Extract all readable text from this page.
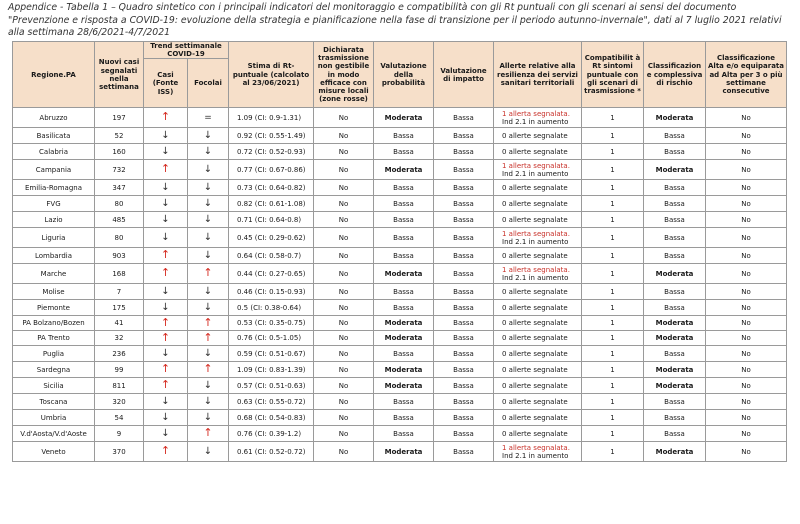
Appendice - Tabella 1 – Quadro sintetico con i principali indicatori del monitoraggio e compatibilità con gli Rt puntuali con gli scenari ai sensi del documento "Prevenzione e risposta a COVID-19: evoluzione della strategia e pianificazione nella fase di transizione per il periodo autunno-invernale", dati al 7 luglio 2021 relativi alla settimana 28/6/2021-4/7/2021
Regione.PA	Nuovi casi segnalati nella settimana	Trend settimanale COVID-19		Stima di Rt-puntuale (calcolato al 23/06/2021)	Dichiarata trasmissione non gestibile in modo efficace con misure locali (zone rosse)	Valutazione della probabilità	Valutazione di impatto	Allerte relative alla resilienza dei servizi sanitari territoriali	Compatibilit à Rt sintomi puntuale con gli scenari di trasmissione *	Classificazion e complessiva di rischio	Classificazione Alta e/o equiparata ad Alta per 3 o più settimane consecutive
		Casi (Fonte ISS)	Focolai								
Abruzzo	197	↑	=	1.09 (CI: 0.9-1.31)	No	Moderata	Bassa	1 allerta segnalata.
Ind 2.1 in aumento	1	Moderata	No
Basilicata	52	↓	↓	0.92 (CI: 0.55-1.49)	No	Bassa	Bassa	0 allerte segnalate	1	Bassa	No
Calabria	160	↓	↓	0.72 (CI: 0.52-0.93)	No	Bassa	Bassa	0 allerte segnalate	1	Bassa	No
Campania	732	↑	↓	0.77 (CI: 0.67-0.86)	No	Moderata	Bassa	1 allerta segnalata.
Ind 2.1 in aumento	1	Moderata	No
Emilia-Romagna	347	↓	↓	0.73 (CI: 0.64-0.82)	No	Bassa	Bassa	0 allerte segnalate	1	Bassa	No
FVG	80	↓	↓	0.82 (CI: 0.61-1.08)	No	Bassa	Bassa	0 allerte segnalate	1	Bassa	No
Lazio	485	↓	↓	0.71 (CI: 0.64-0.8)	No	Bassa	Bassa	0 allerte segnalate	1	Bassa	No
Liguria	80	↓	↓	0.45 (CI: 0.29-0.62)	No	Bassa	Bassa	1 allerta segnalata.
Ind 2.1 in aumento	1	Bassa	No
Lombardia	903	↑	↓	0.64 (CI: 0.58-0.7)	No	Bassa	Bassa	0 allerte segnalate	1	Bassa	No
Marche	168	↑	↑	0.44 (CI: 0.27-0.65)	No	Moderata	Bassa	1 allerta segnalata.
Ind 2.1 in aumento	1	Moderata	No
Molise	7	↓	↓	0.46 (CI: 0.15-0.93)	No	Bassa	Bassa	0 allerte segnalate	1	Bassa	No
Piemonte	175	↓	↓	0.5 (CI: 0.38-0.64)	No	Bassa	Bassa	0 allerte segnalate	1	Bassa	No
PA Bolzano/Bozen	41	↑	↑	0.53 (CI: 0.35-0.75)	No	Moderata	Bassa	0 allerte segnalate	1	Moderata	No
PA Trento	32	↑	↑	0.76 (CI: 0.5-1.05)	No	Moderata	Bassa	0 allerte segnalate	1	Moderata	No
Puglia	236	↓	↓	0.59 (CI: 0.51-0.67)	No	Bassa	Bassa	0 allerte segnalate	1	Bassa	No
Sardegna	99	↑	↑	1.09 (CI: 0.83-1.39)	No	Moderata	Bassa	0 allerte segnalate	1	Moderata	No
Sicilia	811	↑	↓	0.57 (CI: 0.51-0.63)	No	Moderata	Bassa	0 allerte segnalate	1	Moderata	No
Toscana	320	↓	↓	0.63 (CI: 0.55-0.72)	No	Bassa	Bassa	0 allerte segnalate	1	Bassa	No
Umbria	54	↓	↓	0.68 (CI: 0.54-0.83)	No	Bassa	Bassa	0 allerte segnalate	1	Bassa	No
V.d'Aosta/V.d'Aoste	9	↓	↑	0.76 (CI: 0.39-1.2)	No	Bassa	Bassa	0 allerte segnalate	1	Bassa	No
Veneto	370	↑	↓	0.61 (CI: 0.52-0.72)	No	Moderata	Bassa	1 allerta segnalata.
Ind 2.1 in aumento	1	Moderata	No
